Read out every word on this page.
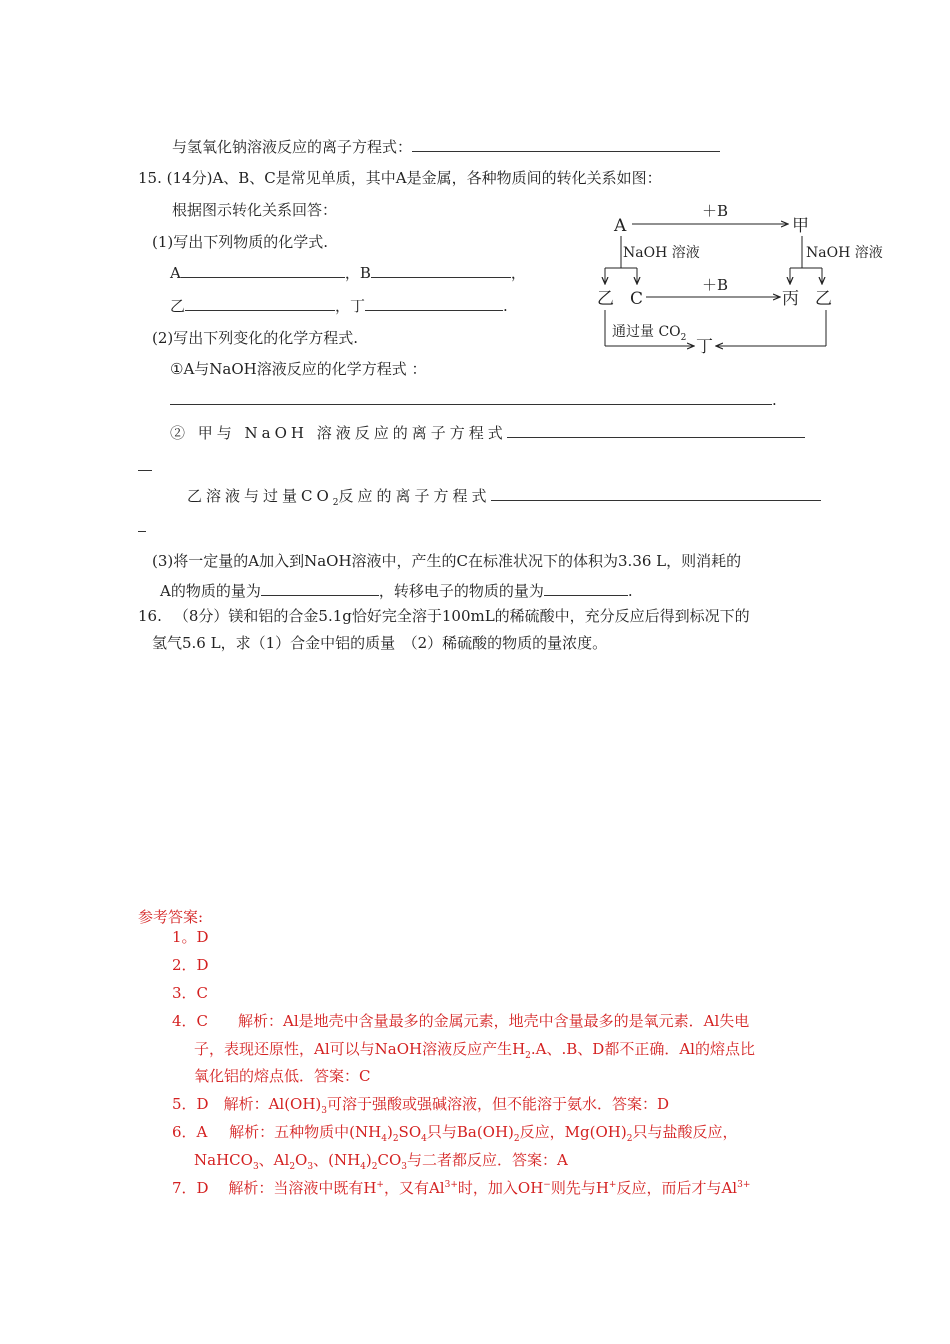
与氢氧化钠溶液反应的离子方程式：
15. (14分)A、B、C是常见单质，其中A是金属，各种物质间的转化关系如图：
根据图示转化关系回答：
(1)写出下列物质的化学式.
A	，B	，
乙	，丁	.
(2)写出下列变化的化学方程式.
①A与NaOH溶液反应的化学方程式 ：
.
② 甲与 NaOH 溶液反应的离子方程式
乙溶液与过量$CO_2$反应的离子方程式
(3)将一定量的A加入到NaOH溶液中，产生的C在标准状况下的体积为3.36 L，则消耗的
A的物质的量为	，转移电子的物质的量为	.
A
＋B
甲
NaOH 溶液	NaOH 溶液
乙 C
＋B
丙 乙
通过量 $CO_2$ 丁
16. （8分）镁和铝的合金5.1g恰好完全溶于100mL的稀硫酸中，充分反应后得到标况下的
氢气5.6 L，求（1）合金中铝的质量　（2）稀硫酸的物质的量浓度。
参考答案:
1。D
2．D
3．C
4．C　　解析：Al是地壳中含量最多的金属元素，地壳中含量最多的是氧元素．Al失电
子，表现还原性，Al可以与NaOH溶液反应产生$H_2.A$、.B、D都不正确．Al的熔点比
氧化铝的熔点低．答案：C
5．D　解析：$Al(OH)_3$可溶于强酸或强碱溶液，但不能溶于氨水．答案：D
6．A　 解析：五种物质中$(NH_4)_2SO_4$只与$Ba(OH)_2$反应，$Mg(OH)_2$只与盐酸反应，
NaHCO$_3$、$Al_2O_3$、$(NH_4)_2CO_3$与二者都反应．答案：A
7．D　 解析：当溶液中既有H+，又有$Al^{3+}$时，加入OH−则先与H+反应，而后才与$Al^{3+}$
